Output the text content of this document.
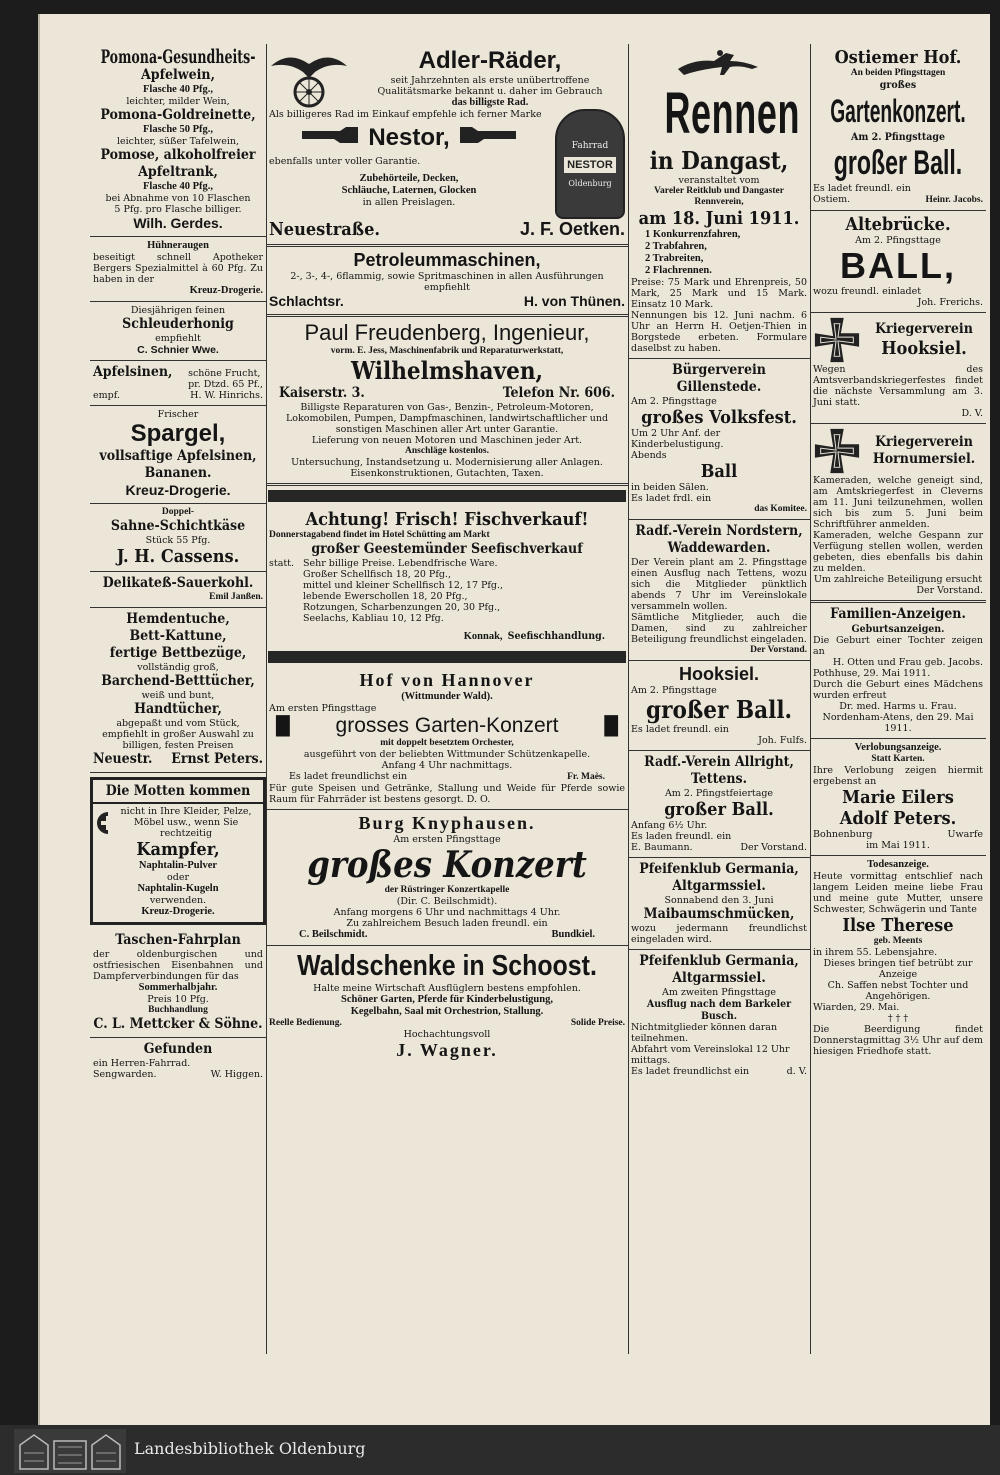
Pomona-Gesundheits-
Apfelwein,
Flasche 40 Pfg.,
leichter, milder Wein,
Pomona-Goldreinette,
Flasche 50 Pfg.,
leichter, süßer Tafelwein,
Pomose, alkoholfreier
Apfeltrank,
Flasche 40 Pfg.,
bei Abnahme von 10 Flaschen
5 Pfg. pro Flasche billiger.
Wilh. Gerdes.
Hühneraugen
beseitigt schnell Apotheker Bergers Spezialmittel à 60 Pfg. Zu haben in der
Kreuz-Drogerie.
Diesjährigen feinen
Schleuderhonig
empfiehlt
C. Schnier Wwe.
Apfelsinen, schöne Frucht,
pr. Dtzd. 65 Pf.,
empf.	H. W. Hinrichs.
Frischer
Spargel,
vollsaftige Apfelsinen,
Bananen.
Kreuz-Drogerie.
Doppel-
Sahne-Schichtkäse
Stück 55 Pfg.
J. H. Cassens.
Delikateß-Sauerkohl.
Emil Janßen.
Hemdentuche,
Bett-Kattune,
fertige Bettbezüge,
vollständig groß,
Barchend-Betttücher,
weiß und bunt,
Handtücher,
abgepaßt und vom Stück,
empfiehlt in großer Auswahl zu billigen, festen Preisen
Neuestr. Ernst Peters.
Die Motten kommen
nicht in Ihre Kleider, Pelze, Möbel usw., wenn Sie rechtzeitig
Kampfer,
Naphtalin-Pulver
oder
Naphtalin-Kugeln
verwenden.
Kreuz-Drogerie.
Taschen-Fahrplan
der oldenburgischen und ostfriesischen Eisenbahnen und Dampferverbindungen für das
Sommerhalbjahr.
Preis 10 Pfg.
Buchhandlung
C. L. Mettcker & Söhne.
Gefunden
ein Herren-Fahrrad.
Sengwarden.	W. Higgen.
Adler-Räder,
seit Jahrzehnten als erste unübertroffene Qualitätsmarke bekannt u. daher im Gebrauch
das billigste Rad.
Als billigeres Rad im Einkauf empfehle ich ferner Marke
Nestor,
ebenfalls unter voller Garantie.
Zubehörteile, Decken,
Schläuche, Laternen, Glocken
in allen Preislagen.
Fahrrad
NESTOR
Oldenburg
Neuestraße.	J. F. Oetken.
Petroleummaschinen,
2-, 3-, 4-, 6flammig, sowie Spritmaschinen in allen Ausführungen empfiehlt
Schlachtsr.	H. von Thünen.
Paul Freudenberg, Ingenieur,
vorm. E. Jess, Maschinenfabrik und Reparaturwerkstatt,
Wilhelmshaven,
Kaiserstr. 3.	Telefon Nr. 606.
Billigste Reparaturen von Gas-, Benzin-, Petroleum-Motoren, Lokomobilen, Pumpen, Dampfmaschinen, landwirtschaftlicher und sonstigen Maschinen aller Art unter Garantie.
Lieferung von neuen Motoren und Maschinen jeder Art.
Anschläge kostenlos.
Untersuchung, Instandsetzung u. Modernisierung aller Anlagen. Eisenkonstruktionen, Gutachten, Taxen.
Achtung! Frisch! Fischverkauf!
Donnerstagabend findet im Hotel Schütting am Markt
großer Geestemünder Seefischverkauf
statt. Sehr billige Preise. Lebendfrische Ware.
Großer Schellfisch 18, 20 Pfg.,
mittel und kleiner Schellfisch 12, 17 Pfg.,
lebende Ewerschollen 18, 20 Pfg.,
Rotzungen, Scharbenzungen 20, 30 Pfg.,
Seelachs, Kabliau 10, 12 Pfg.
Konnak, Seefischhandlung.
Hof von Hannover
(Wittmunder Wald).
Am ersten Pfingsttage
▐▌ grosses Garten-Konzert ▐▌
mit doppelt besetztem Orchester,
ausgeführt von der beliebten Wittmunder Schützenkapelle.
Anfang 4 Uhr nachmittags.
Es ladet freundlichst ein	Fr. Maès.
Für gute Speisen und Getränke, Stallung und Weide für Pferde sowie Raum für Fahrräder ist bestens gesorgt. D. O.
Burg Knyphausen.
Am ersten Pfingsttage
großes Konzert
der Rüstringer Konzertkapelle
(Dir. C. Beilschmidt).
Anfang morgens 6 Uhr und nachmittags 4 Uhr.
Zu zahlreichem Besuch laden freundl. ein
C. Beilschmidt.	Bundkiel.
Waldschenke in Schoost.
Halte meine Wirtschaft Ausflüglern bestens empfohlen.
Schöner Garten, Pferde für Kinderbelustigung,
Kegelbahn, Saal mit Orchestrion, Stallung.
Reelle Bedienung.	Solide Preise.
Hochachtungsvoll
J. Wagner.
Rennen
in Dangast,
veranstaltet vom
Vareler Reitklub und Dangaster Rennverein,
am 18. Juni 1911.
1 Konkurrenzfahren,
2 Trabfahren,
2 Trabreiten,
2 Flachrennen.
Preise: 75 Mark und Ehrenpreis, 50 Mark, 25 Mark und 15 Mark. Einsatz 10 Mark.
Nennungen bis 12. Juni nachm. 6 Uhr an Herrn H. Oetjen-Thien in Borgstede erbeten. Formulare daselbst zu haben.
Bürgerverein Gillenstede.
Am 2. Pfingsttage
großes Volksfest.
Um 2 Uhr Anf. der Kinderbelustigung.
Abends
Ball
in beiden Sälen.
Es ladet frdl. ein
das Komitee.
Radf.-Verein Nordstern,
Waddewarden.
Der Verein plant am 2. Pfingsttage einen Ausflug nach Tettens, wozu sich die Mitglieder pünktlich abends 7 Uhr im Vereinslokale versammeln wollen.
Sämtliche Mitglieder, auch die Damen, sind zu zahlreicher Beteiligung freundlichst eingeladen.
Der Vorstand.
Hooksiel.
Am 2. Pfingsttage
großer Ball.
Es ladet freundl. ein
Joh. Fulfs.
Radf.-Verein Allright,
Tettens.
Am 2. Pfingstfeiertage
großer Ball.
Anfang 6½ Uhr.
Es laden freundl. ein
E. Baumann.	Der Vorstand.
Pfeifenklub Germania,
Altgarmssiel.
Sonnabend den 3. Juni
Maibaumschmücken,
wozu jedermann freundlichst eingeladen wird.
Pfeifenklub Germania,
Altgarmssiel.
Am zweiten Pfingsttage
Ausflug nach dem Barkeler Busch.
Nichtmitglieder können daran teilnehmen.
Abfahrt vom Vereinslokal 12 Uhr mittags.
Es ladet freundlichst ein	d. V.
Ostiemer Hof.
An beiden Pfingsttagen
großes
Gartenkonzert.
Am 2. Pfingsttage
großer Ball.
Es ladet freundl. ein
Ostiem.	Heinr. Jacobs.
Altebrücke.
Am 2. Pfingsttage
BALL,
wozu freundl. einladet
Joh. Frerichs.
Kriegerverein
Hooksiel.
Wegen des Amtsverbandskriegerfestes findet die nächste Versammlung am 3. Juni statt.
D. V.
Kriegerverein
Hornumersiel.
Kameraden, welche geneigt sind, am Amtskriegerfest in Cleverns am 11. Juni teilzunehmen, wollen sich bis zum 5. Juni beim Schriftführer anmelden.
Kameraden, welche Gespann zur Verfügung stellen wollen, werden gebeten, dies ebenfalls bis dahin zu melden.
Um zahlreiche Beteiligung ersucht
Der Vorstand.
Familien-Anzeigen.
Geburtsanzeigen.
Die Geburt einer Tochter zeigen an
H. Otten und Frau geb. Jacobs.
Pothhuse, 29. Mai 1911.
Durch die Geburt eines Mädchens wurden erfreut
Dr. med. Harms u. Frau.
Nordenham-Atens, den 29. Mai 1911.
Verlobungsanzeige.
Statt Karten.
Ihre Verlobung zeigen hiermit ergebenst an
Marie Eilers
Adolf Peters.
Bohnenburg	Uwarfe
im Mai 1911.
Todesanzeige.
Heute vormittag entschlief nach langem Leiden meine liebe Frau und meine gute Mutter, unsere Schwester, Schwägerin und Tante
Ilse Therese
geb. Meents
in ihrem 55. Lebensjahre.
Dieses bringen tief betrübt zur Anzeige
Ch. Saffen nebst Tochter und Angehörigen.
Wiarden, 29. Mai.
† † †
Die Beerdigung findet Donnerstagmittag 3½ Uhr auf dem hiesigen Friedhofe statt.
Landesbibliothek Oldenburg
